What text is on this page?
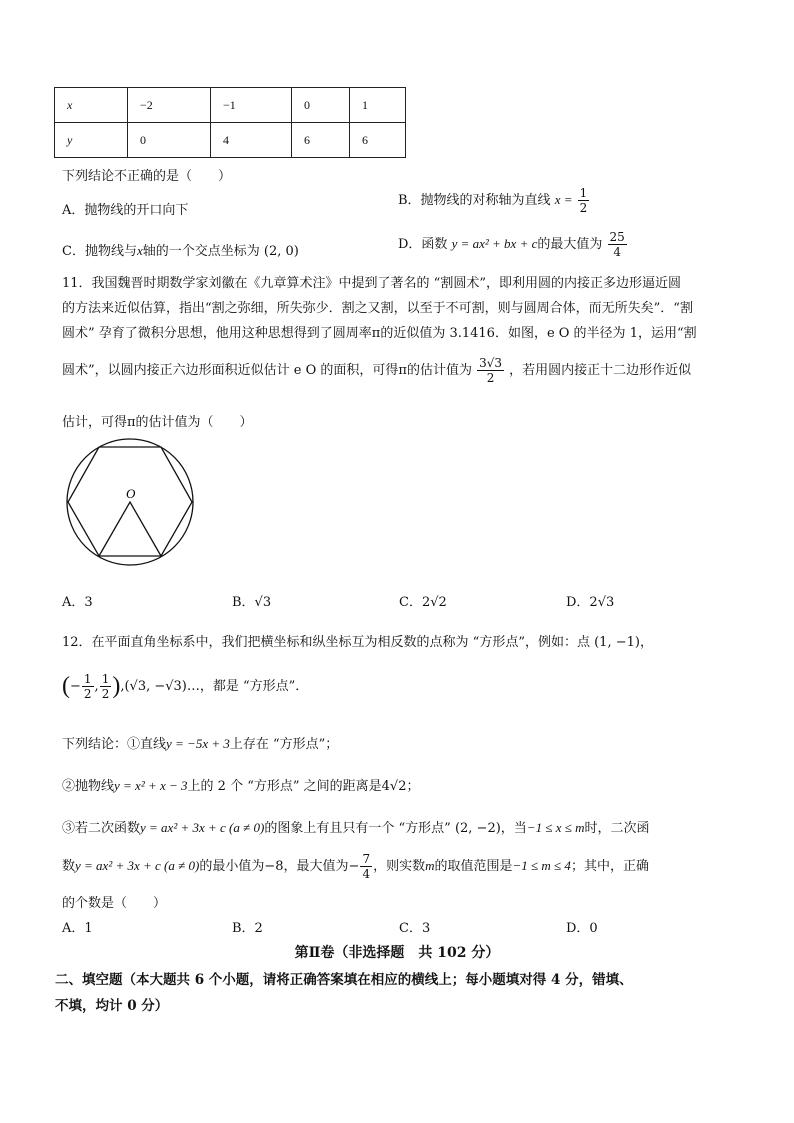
x	−2	−1	0	1
y	0	4	6	6
下列结论不正确的是（　　）
A．抛物线的开口向下
B．抛物线的对称轴为直线 $x = \frac{1}{2}$
C．抛物线与x轴的一个交点坐标为 (2, 0)	D．函数 y = ax² + bx + c的最大值为 $\frac{25}{4}$
11．我国魏晋时期数学家刘徽在《九章算术注》中提到了著名的 “割圆术”，即利用圆的内接正多边形逼近圆
的方法来近似估算，指出“割之弥细，所失弥少．割之又割，以至于不可割，则与圆周合体，而无所失矣”．“割
圆术” 孕育了微积分思想，他用这种思想得到了圆周率π的近似值为 3.1416．如图，e O 的半径为 1，运用“割
圆术”，以圆内接正六边形面积近似估计 e O 的面积，可得π的估计值为 $\frac{3√3}{2}$ ，若用圆内接正十二边形作近似
估计，可得π的估计值为（　　）
O
A．3	B．√3	C．2√2	D．2√3
12．在平面直角坐标系中，我们把横坐标和纵坐标互为相反数的点称为 “方形点”，例如：点 (1, −1)，
(− $\frac{1}{2}$ , $\frac{1}{2} ),(√3$, −√3)…，都是 “方形点”．
下列结论：①直线y = −5x + 3上存在 “方形点”；
②抛物线y = x² + x − 3上的 2 个 “方形点” 之间的距离是4√2；
③若二次函数y = ax² + 3x + c (a ≠ 0)的图象上有且只有一个 “方形点” (2, −2)，当−1 ≤ x ≤ m时，二次函
数y = ax² + 3x + c (a ≠ 0)的最小值为−8，最大值为− $\frac{7}{4}$ ，则实数m的取值范围是−1 ≤ m ≤ 4；其中，正确
的个数是（　　）
A．1	B．2	C．3	D．0
第Ⅱ卷（非选择题　共 102 分）
二、填空题（本大题共 6 个小题，请将正确答案填在相应的横线上；每小题填对得 4 分，错填、
不填，均计 0 分）
